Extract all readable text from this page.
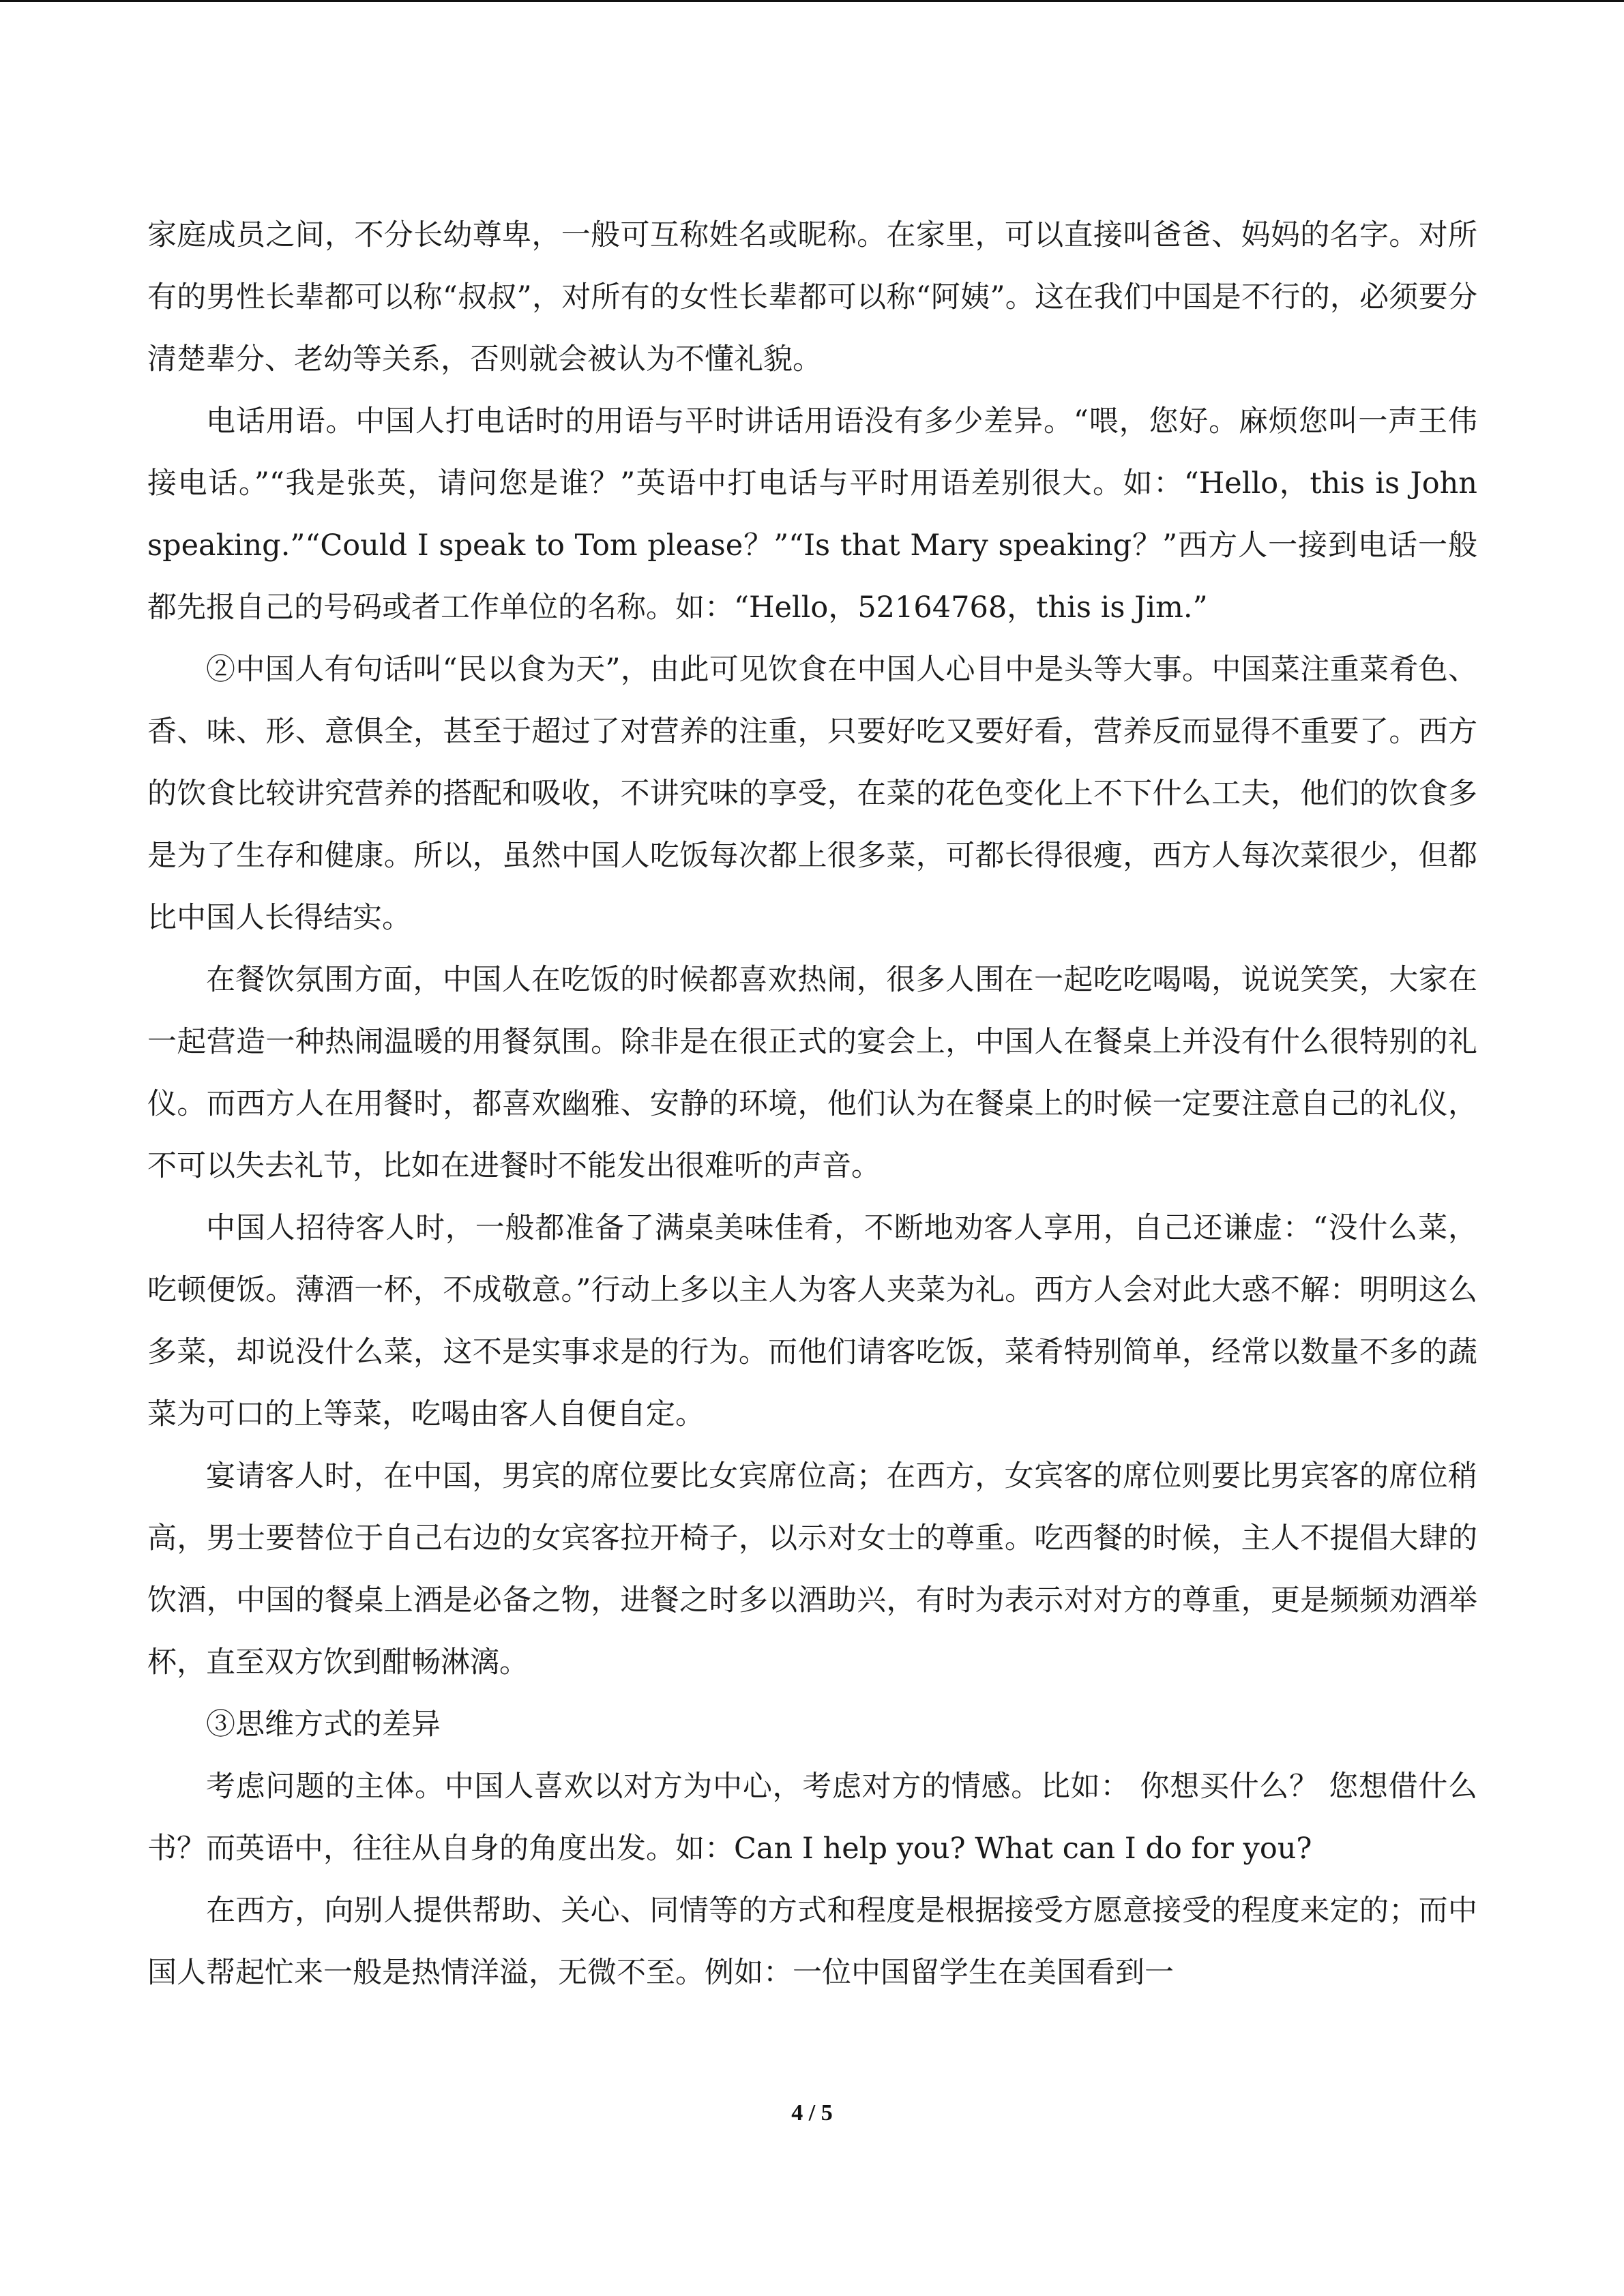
家庭成员之间，不分长幼尊卑，一般可互称姓名或昵称。在家里，可以直接叫爸爸、妈妈的名字。对所有的男性长辈都可以称“叔叔”，对所有的女性长辈都可以称“阿姨”。这在我们中国是不行的，必须要分清楚辈分、老幼等关系，否则就会被认为不懂礼貌。

电话用语。中国人打电话时的用语与平时讲话用语没有多少差异。“喂，您好。麻烦您叫一声王伟接电话。”“我是张英，请问您是谁？”英语中打电话与平时用语差别很大。如：“Hello，this is John speaking.”“Could I speak to Tom please？”“Is that Mary speaking？”西方人一接到电话一般都先报自己的号码或者工作单位的名称。如：“Hello，52164768，this is Jim.”

②中国人有句话叫“民以食为天”，由此可见饮食在中国人心目中是头等大事。中国菜注重菜肴色、香、味、形、意俱全，甚至于超过了对营养的注重，只要好吃又要好看，营养反而显得不重要了。西方的饮食比较讲究营养的搭配和吸收，不讲究味的享受，在菜的花色变化上不下什么工夫，他们的饮食多是为了生存和健康。所以，虽然中国人吃饭每次都上很多菜，可都长得很瘦，西方人每次菜很少，但都比中国人长得结实。

在餐饮氛围方面，中国人在吃饭的时候都喜欢热闹，很多人围在一起吃吃喝喝，说说笑笑，大家在一起营造一种热闹温暖的用餐氛围。除非是在很正式的宴会上，中国人在餐桌上并没有什么很特别的礼仪。而西方人在用餐时，都喜欢幽雅、安静的环境，他们认为在餐桌上的时候一定要注意自己的礼仪，不可以失去礼节，比如在进餐时不能发出很难听的声音。

中国人招待客人时，一般都准备了满桌美味佳肴，不断地劝客人享用，自己还谦虚：“没什么菜，吃顿便饭。薄酒一杯，不成敬意。”行动上多以主人为客人夹菜为礼。西方人会对此大惑不解：明明这么多菜，却说没什么菜，这不是实事求是的行为。而他们请客吃饭，菜肴特别简单，经常以数量不多的蔬菜为可口的上等菜，吃喝由客人自便自定。

宴请客人时，在中国，男宾的席位要比女宾席位高；在西方，女宾客的席位则要比男宾客的席位稍高，男士要替位于自己右边的女宾客拉开椅子，以示对女士的尊重。吃西餐的时候，主人不提倡大肆的饮酒，中国的餐桌上酒是必备之物，进餐之时多以酒助兴，有时为表示对对方的尊重，更是频频劝酒举杯，直至双方饮到酣畅淋漓。

③思维方式的差异

考虑问题的主体。中国人喜欢以对方为中心，考虑对方的情感。比如： 你想买什么？ 您想借什么书？而英语中，往往从自身的角度出发。如：Can I help you? What can I do for you?

在西方，向别人提供帮助、关心、同情等的方式和程度是根据接受方愿意接受的程度来定的；而中国人帮起忙来一般是热情洋溢，无微不至。例如：一位中国留学生在美国看到一

4 / 5
